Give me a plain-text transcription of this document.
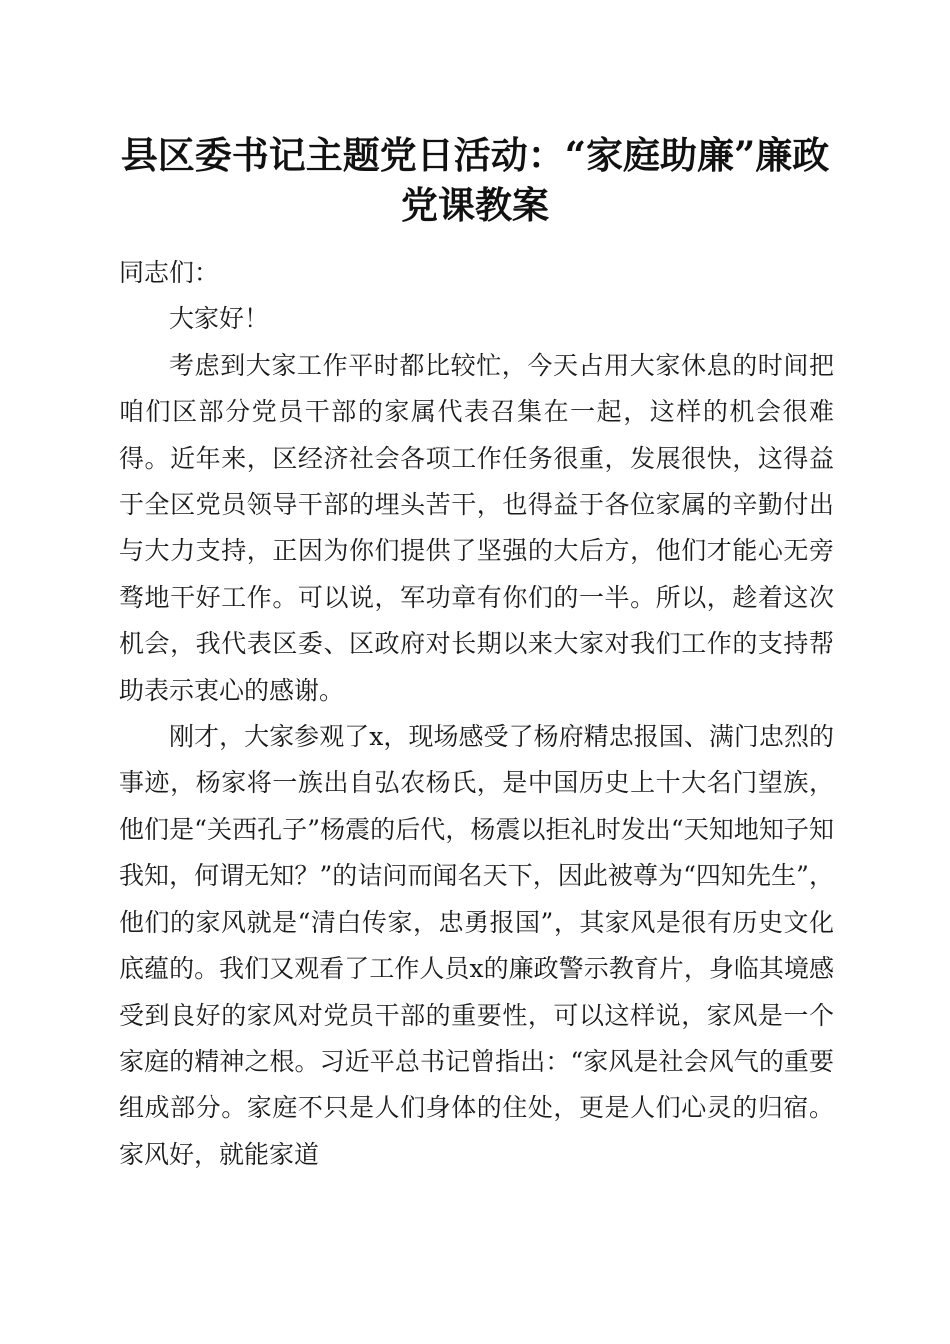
县区委书记主题党日活动：“家庭助廉”廉政
党课教案

同志们：

大家好！

考虑到大家工作平时都比较忙，今天占用大家休息的时间把咱们区部分党员干部的家属代表召集在一起，这样的机会很难得。近年来，区经济社会各项工作任务很重，发展很快，这得益于全区党员领导干部的埋头苦干，也得益于各位家属的辛勤付出与大力支持，正因为你们提供了坚强的大后方，他们才能心无旁骛地干好工作。可以说，军功章有你们的一半。所以，趁着这次机会，我代表区委、区政府对长期以来大家对我们工作的支持帮助表示衷心的感谢。

刚才，大家参观了x，现场感受了杨府精忠报国、满门忠烈的事迹，杨家将一族出自弘农杨氏，是中国历史上十大名门望族，他们是“关西孔子”杨震的后代，杨震以拒礼时发出“天知地知子知我知，何谓无知？”的诘问而闻名天下，因此被尊为“四知先生”，他们的家风就是“清白传家，忠勇报国”，其家风是很有历史文化底蕴的。我们又观看了工作人员x的廉政警示教育片，身临其境感受到良好的家风对党员干部的重要性，可以这样说，家风是一个家庭的精神之根。习近平总书记曾指出：“家风是社会风气的重要组成部分。家庭不只是人们身体的住处，更是人们心灵的归宿。家风好，就能家道
